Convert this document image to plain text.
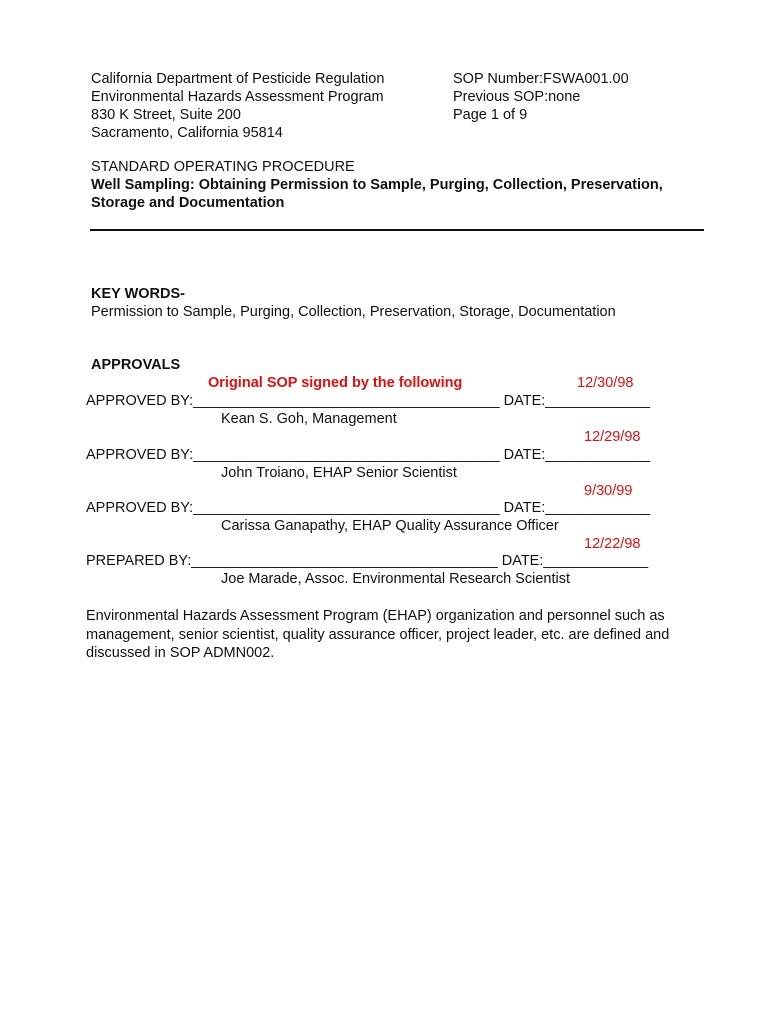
California Department of Pesticide Regulation
Environmental Hazards Assessment Program
830 K Street, Suite 200
Sacramento, California 95814
SOP Number:FSWA001.00
Previous SOP:none
Page 1 of 9
STANDARD OPERATING PROCEDURE
Well Sampling: Obtaining Permission to Sample, Purging, Collection, Preservation,
Storage and Documentation
KEY WORDS-
Permission to Sample, Purging, Collection, Preservation, Storage, Documentation
APPROVALS
Original SOP signed by the following	12/30/98
APPROVED BY:______________________________________ DATE:_____________
Kean S. Goh, Management
12/29/98
APPROVED BY:______________________________________ DATE:_____________
John Troiano, EHAP Senior Scientist
9/30/99
APPROVED BY:______________________________________ DATE:_____________
Carissa Ganapathy, EHAP Quality Assurance Officer
12/22/98
PREPARED BY:______________________________________ DATE:_____________
Joe Marade, Assoc. Environmental Research Scientist
Environmental Hazards Assessment Program (EHAP) organization and personnel such as management, senior scientist, quality assurance officer, project leader, etc. are defined and discussed in SOP ADMN002.
